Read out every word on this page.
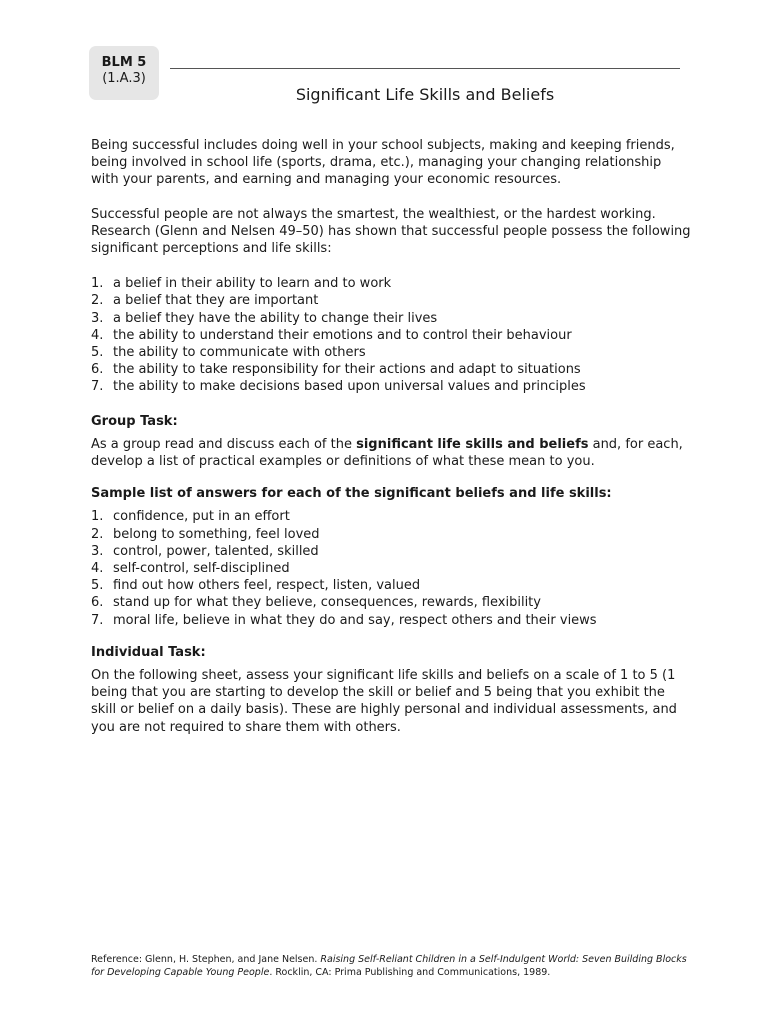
BLM 5
(1.A.3)
Significant Life Skills and Beliefs

Being successful includes doing well in your school subjects, making and keeping friends, being involved in school life (sports, drama, etc.), managing your changing relationship with your parents, and earning and managing your economic resources.

Successful people are not always the smartest, the wealthiest, or the hardest working. Research (Glenn and Nelsen 49–50) has shown that successful people possess the following significant perceptions and life skills:

1. a belief in their ability to learn and to work
2. a belief that they are important
3. a belief they have the ability to change their lives
4. the ability to understand their emotions and to control their behaviour
5. the ability to communicate with others
6. the ability to take responsibility for their actions and adapt to situations
7. the ability to make decisions based upon universal values and principles
Group Task:

As a group read and discuss each of the significant life skills and beliefs and, for each, develop a list of practical examples or definitions of what these mean to you.

Sample list of answers for each of the significant beliefs and life skills:
1. confidence, put in an effort
2. belong to something, feel loved
3. control, power, talented, skilled
4. self-control, self-disciplined
5. find out how others feel, respect, listen, valued
6. stand up for what they believe, consequences, rewards, flexibility
7. moral life, believe in what they do and say, respect others and their views
Individual Task:

On the following sheet, assess your significant life skills and beliefs on a scale of 1 to 5 (1 being that you are starting to develop the skill or belief and 5 being that you exhibit the skill or belief on a daily basis). These are highly personal and individual assessments, and you are not required to share them with others.

Reference: Glenn, H. Stephen, and Jane Nelsen. Raising Self-Reliant Children in a Self-Indulgent World: Seven Building Blocks for Developing Capable Young People. Rocklin, CA: Prima Publishing and Communications, 1989.
